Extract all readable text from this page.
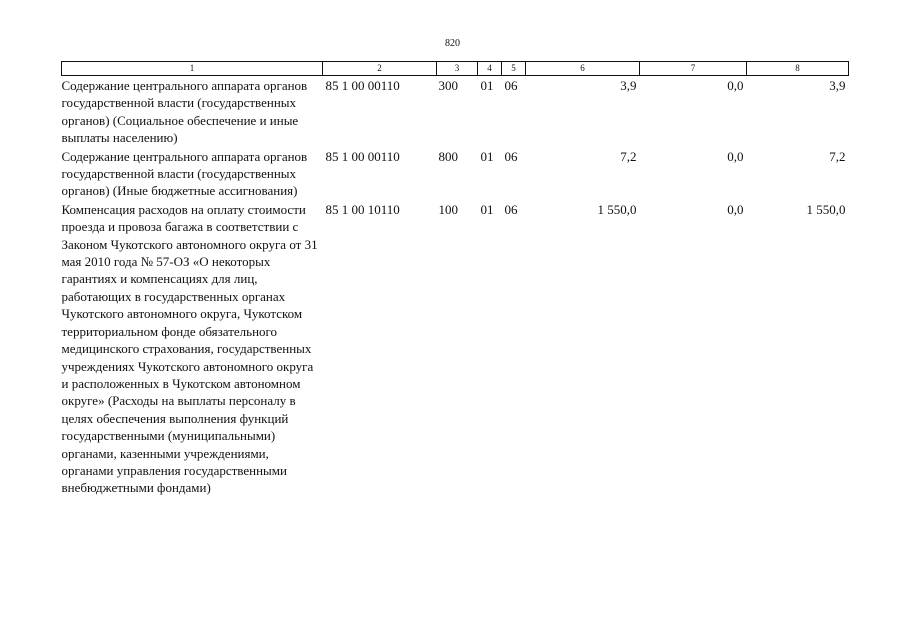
820
1	2	3	4	5	6	7	8
Содержание центрального аппарата органов государственной власти (государственных органов) (Социальное обеспечение и иные выплаты населению)	85 1 00 00110	300	01	06	3,9	0,0	3,9
Содержание центрального аппарата органов государственной власти (государственных органов) (Иные бюджетные ассигнования)	85 1 00 00110	800	01	06	7,2	0,0	7,2
Компенсация расходов на оплату стоимости проезда и провоза багажа в соответствии с Законом Чукотского автономного округа от 31 мая 2010 года № 57-ОЗ «О некоторых гарантиях и компенсациях для лиц, работающих в государственных органах Чукотского автономного округа, Чукотском территориальном фонде обязательного медицинского страхования, государственных учреждениях Чукотского автономного округа и расположенных в Чукотском автономном округе» (Расходы на выплаты персоналу в целях обеспечения выполнения функций государственными (муниципальными) органами, казенными учреждениями, органами управления государственными внебюджетными фондами)	85 1 00 10110	100	01	06	1 550,0	0,0	1 550,0
